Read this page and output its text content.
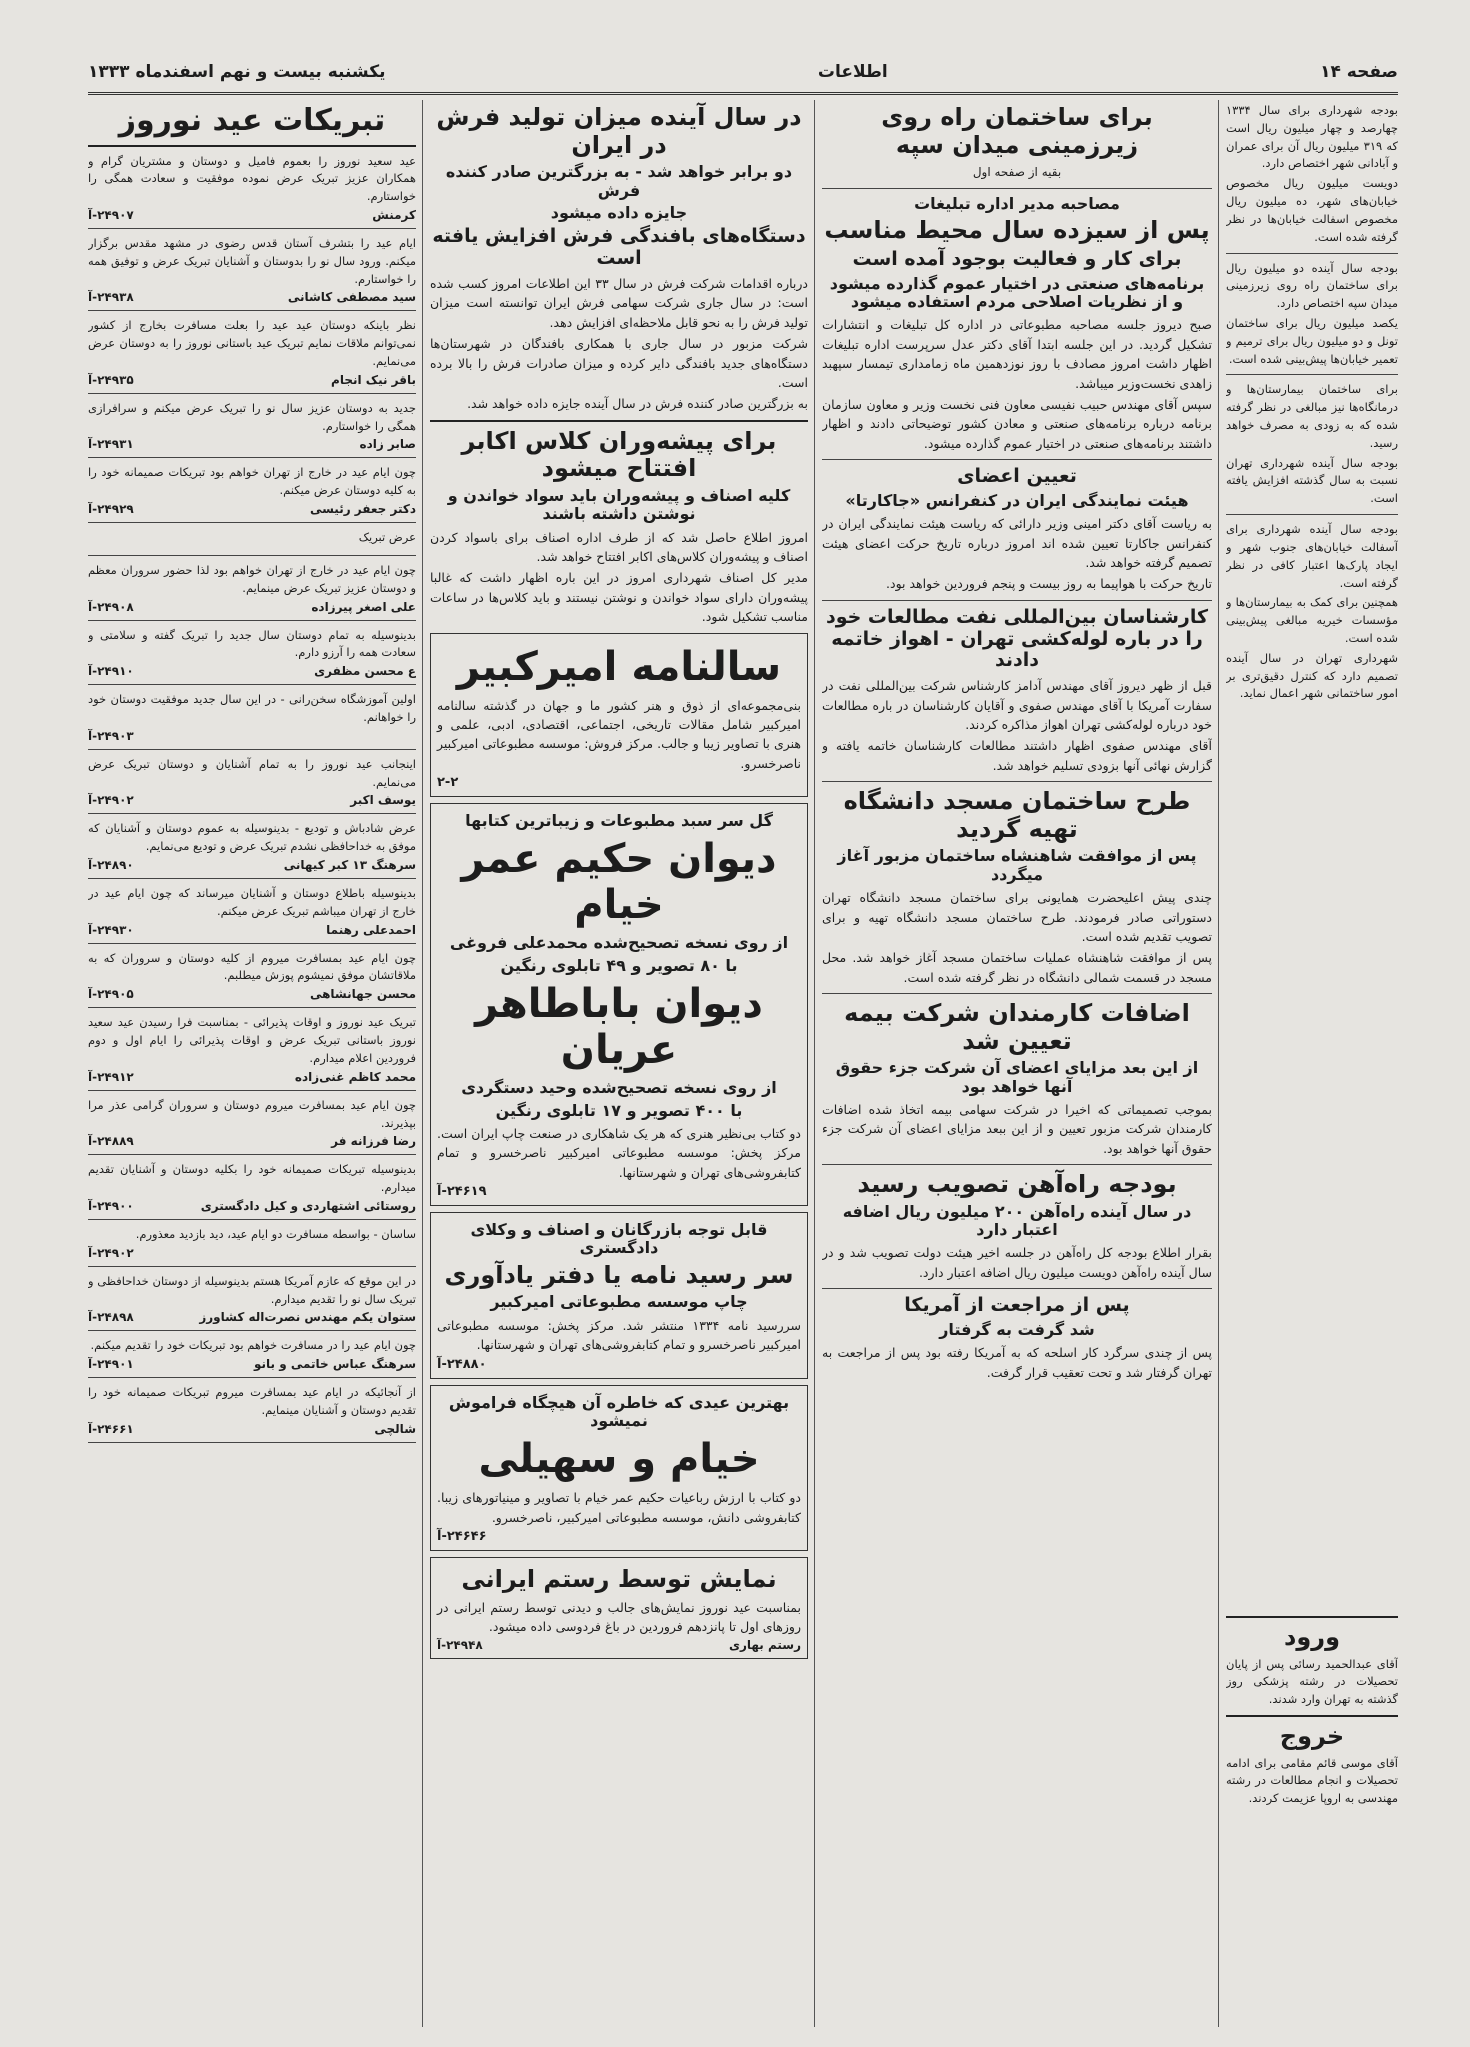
صفحه ۱۴
اطلاعات
یکشنبه بیست و نهم اسفندماه ۱۳۳۳

بودجه شهرداری برای سال ۱۳۳۴ چهارصد و چهار میلیون ریال است که ۳۱۹ میلیون ریال آن برای عمران و آبادانی شهر اختصاص دارد.

دویست میلیون ریال مخصوص خیابان‌های شهر، ده میلیون ریال مخصوص اسفالت خیابان‌ها در نظر گرفته شده است.

بودجه سال آینده دو میلیون ریال برای ساختمان راه روی زیرزمینی میدان سپه اختصاص دارد.

یکصد میلیون ریال برای ساختمان تونل و دو میلیون ریال برای ترمیم و تعمیر خیابان‌ها پیش‌بینی شده است.

برای ساختمان بیمارستان‌ها و درمانگاه‌ها نیز مبالغی در نظر گرفته شده که به زودی به مصرف خواهد رسید.

بودجه سال آینده شهرداری تهران نسبت به سال گذشته افزایش یافته است.

بودجه سال آینده شهرداری برای آسفالت خیابان‌های جنوب شهر و ایجاد پارک‌ها اعتبار کافی در نظر گرفته است.

همچنین برای کمک به بیمارستان‌ها و مؤسسات خیریه مبالغی پیش‌بینی شده است.

شهرداری تهران در سال آینده تصمیم دارد که کنترل دقیق‌تری بر امور ساختمانی شهر اعمال نماید.

برای ساختمان راه روی زیرزمینی میدان سپه

بقیه از صفحه اول

مصاحبه مدیر اداره تبلیغات
پس از سیزده سال محیط مناسب
برای کار و فعالیت بوجود آمده است
برنامه‌های صنعتی در اختیار عموم گذارده میشود و از نظریات اصلاحی مردم استفاده میشود

صبح دیروز جلسه مصاحبه مطبوعاتی در اداره کل تبلیغات و انتشارات تشکیل گردید. در این جلسه ابتدا آقای دکتر عدل سرپرست اداره تبلیغات اظهار داشت امروز مصادف با روز نوزدهمین ماه زمامداری تیمسار سپهبد زاهدی نخست‌وزیر میباشد.

سپس آقای مهندس حبیب نفیسی معاون فنی نخست وزیر و معاون سازمان برنامه درباره برنامه‌های صنعتی و معادن کشور توضیحاتی دادند و اظهار داشتند برنامه‌های صنعتی در اختیار عموم گذارده میشود.

تعیین اعضای
هیئت نمایندگی ایران در کنفرانس «جاکارتا»

به ریاست آقای دکتر امینی وزیر دارائی که ریاست هیئت نمایندگی ایران در کنفرانس جاکارتا تعیین شده اند امروز درباره تاریخ حرکت اعضای هیئت تصمیم گرفته خواهد شد.

تاریخ حرکت با هواپیما به روز بیست و پنجم فروردین خواهد بود.

کارشناسان بین‌المللی نفت مطالعات خود را در باره لوله‌کشی تهران - اهواز خاتمه دادند

قبل از ظهر دیروز آقای مهندس آدامز کارشناس شرکت بین‌المللی نفت در سفارت آمریکا با آقای مهندس صفوی و آقایان کارشناسان در باره مطالعات خود درباره لوله‌کشی تهران اهواز مذاکره کردند.

آقای مهندس صفوی اظهار داشتند مطالعات کارشناسان خاتمه یافته و گزارش نهائی آنها بزودی تسلیم خواهد شد.

طرح ساختمان مسجد دانشگاه تهیه گردید
پس از موافقت شاهنشاه ساختمان مزبور آغاز میگردد

چندی پیش اعلیحضرت همایونی برای ساختمان مسجد دانشگاه تهران دستوراتی صادر فرمودند. طرح ساختمان مسجد دانشگاه تهیه و برای تصویب تقدیم شده است.

پس از موافقت شاهنشاه عملیات ساختمان مسجد آغاز خواهد شد. محل مسجد در قسمت شمالی دانشگاه در نظر گرفته شده است.

اضافات کارمندان شرکت بیمه تعیین شد
از این بعد مزایای اعضای آن شرکت جزء حقوق آنها خواهد بود

بموجب تصمیماتی که اخیرا در شرکت سهامی بیمه اتخاذ شده اضافات کارمندان شرکت مزبور تعیین و از این ببعد مزایای اعضای آن شرکت جزء حقوق آنها خواهد بود.

بودجه راه‌آهن تصویب رسید
در سال آینده راه‌آهن ۲۰۰ میلیون ریال اضافه اعتبار دارد

بقرار اطلاع بودجه کل راه‌آهن در جلسه اخیر هیئت دولت تصویب شد و در سال آینده راه‌آهن دویست میلیون ریال اضافه اعتبار دارد.

پس از مراجعت از آمریکا
شد گرفت به گرفتار

پس از چندی سرگرد کار اسلحه که به آمریکا رفته بود پس از مراجعت به تهران گرفتار شد و تحت تعقیب قرار گرفت.

ورود

آقای عبدالحمید رسائی پس از پایان تحصیلات در رشته پزشکی روز گذشته به تهران وارد شدند.

خروج

آقای موسی قائم مقامی برای ادامه تحصیلات و انجام مطالعات در رشته مهندسی به اروپا عزیمت کردند.

در سال آینده میزان تولید فرش در ایران
دو برابر خواهد شد - به بزرگترین صادر کننده فرش
جایزه داده میشود
دستگاه‌های بافندگی فرش افزایش یافته است

درباره اقدامات شرکت فرش در سال ۳۳ این اطلاعات امروز کسب شده است: در سال جاری شرکت سهامی فرش ایران توانسته است میزان تولید فرش را به نحو قابل ملاحظه‌ای افزایش دهد.

شرکت مزبور در سال جاری با همکاری بافندگان در شهرستان‌ها دستگاه‌های جدید بافندگی دایر کرده و میزان صادرات فرش را بالا برده است.

به بزرگترین صادر کننده فرش در سال آینده جایزه داده خواهد شد.

برای پیشه‌وران کلاس اکابر افتتاح میشود
کلیه اصناف و پیشه‌وران باید سواد خواندن و نوشتن داشته باشند

امروز اطلاع حاصل شد که از طرف اداره اصناف برای باسواد کردن اصناف و پیشه‌وران کلاس‌های اکابر افتتاح خواهد شد.

مدیر کل اصناف شهرداری امروز در این باره اظهار داشت که غالبا پیشه‌وران دارای سواد خواندن و نوشتن نیستند و باید کلاس‌ها در ساعات مناسب تشکیل شود.

سالنامه امیرکبیر

بنی‌مجموعه‌ای از ذوق و هنر کشور ما و جهان در گذشته سالنامه امیرکبیر شامل مقالات تاریخی، اجتماعی، اقتصادی، ادبی، علمی و هنری با تصاویر زیبا و جالب. مرکز فروش: موسسه مطبوعاتی امیرکبیر ناصرخسرو.

۲-۲
گل سر سبد مطبوعات و زیباترین کتابها
دیوان حکیم عمر خیام
از روی نسخه تصحیح‌شده محمدعلی فروغی
با ۸۰ تصویر و ۴۹ تابلوی رنگین
دیوان باباطاهر عریان
از روی نسخه تصحیح‌شده وحید دستگردی
با ۴۰۰ تصویر و ۱۷ تابلوی رنگین

دو کتاب بی‌نظیر هنری که هر یک شاهکاری در صنعت چاپ ایران است. مرکز پخش: موسسه مطبوعاتی امیرکبیر ناصرخسرو و تمام کتابفروشی‌های تهران و شهرستانها.

۲۴۶۱۹-آ
قابل توجه بازرگانان و اصناف و وکلای دادگستری
سر رسید نامه یا دفتر یادآوری
چاپ موسسه مطبوعاتی امیرکبیر

سررسید نامه ۱۳۳۴ منتشر شد. مرکز پخش: موسسه مطبوعاتی امیرکبیر ناصرخسرو و تمام کتابفروشی‌های تهران و شهرستانها.

۲۴۸۸۰-آ
بهترین عیدی که خاطره آن هیچگاه فراموش نمیشود
خیام و سهیلی

دو کتاب با ارزش رباعیات حکیم عمر خیام با تصاویر و مینیاتورهای زیبا. کتابفروشی دانش، موسسه مطبوعاتی امیرکبیر، ناصرخسرو.

۲۴۶۴۶-آ
نمایش توسط رستم ایرانی

بمناسبت عید نوروز نمایش‌های جالب و دیدنی توسط رستم ایرانی در روزهای اول تا پانزدهم فروردین در باغ فردوسی داده میشود.

رستم بهاری
۲۴۹۴۸-آ
تبریکات عید نوروز

عید سعید نوروز را بعموم فامیل و دوستان و مشتریان گرام و همکاران عزیز تبریک عرض نموده موفقیت و سعادت همگی را خواستارم.

کرمنش
۲۴۹۰۷-آ

ایام عید را بتشرف آستان قدس رضوی در مشهد مقدس برگزار میکنم. ورود سال نو را بدوستان و آشنایان تبریک عرض و توفیق همه را خواستارم.

سید مصطفی کاشانی
۲۴۹۳۸-آ

نظر باینکه دوستان عید عید را بعلت مسافرت بخارج از کشور نمی‌توانم ملاقات نمایم تبریک عید باستانی نوروز را به دوستان عرض می‌نمایم.

باقر نیک انجام
۲۴۹۳۵-آ

جدید به دوستان عزیز سال نو را تبریک عرض میکنم و سرافرازی همگی را خواستارم.

صابر زاده
۲۴۹۳۱-آ

چون ایام عید در خارج از تهران خواهم بود تبریکات صمیمانه خود را به کلیه دوستان عرض میکنم.

دکتر جعفر رئیسی
۲۴۹۲۹-آ

عرض تبریک

چون ایام عید در خارج از تهران خواهم بود لذا حضور سروران معظم و دوستان عزیز تبریک عرض مینمایم.

علی اصغر پیرزاده
۲۴۹۰۸-آ

بدینوسیله به تمام دوستان سال جدید را تبریک گفته و سلامتی و سعادت همه را آرزو دارم.

ع محسن مظفری
۲۴۹۱۰-آ

اولین آموزشگاه سخن‌رانی - در این سال جدید موفقیت دوستان خود را خواهانم.

۲۴۹۰۳-آ

اینجانب عید نوروز را به تمام آشنایان و دوستان تبریک عرض می‌نمایم.

یوسف اکبر
۲۴۹۰۲-آ

عرض شادباش و تودیع - بدینوسیله به عموم دوستان و آشنایان که موفق به خداحافظی نشدم تبریک عرض و تودیع می‌نمایم.

سرهنگ ۱۳ کبر کیهانی
۲۴۸۹۰-آ

بدینوسیله باطلاع دوستان و آشنایان میرساند که چون ایام عید در خارج از تهران میباشم تبریک عرض میکنم.

احمدعلی رهنما
۲۴۹۳۰-آ

چون ایام عید بمسافرت میروم از کلیه دوستان و سروران که به ملاقاتشان موفق نمیشوم پوزش میطلبم.

محسن جهانشاهی
۲۴۹۰۵-آ

تبریک عید نوروز و اوقات پذیرائی - بمناسبت فرا رسیدن عید سعید نوروز باستانی تبریک عرض و اوقات پذیرائی را ایام اول و دوم فروردین اعلام میدارم.

محمد کاظم غنی‌زاده
۲۴۹۱۲-آ

چون ایام عید بمسافرت میروم دوستان و سروران گرامی عذر مرا بپذیرند.

رضا فرزانه فر
۲۴۸۸۹-آ

بدینوسیله تبریکات صمیمانه خود را بکلیه دوستان و آشنایان تقدیم میدارم.

روستائی اشتهاردی و کیل دادگستری
۲۴۹۰۰-آ

ساسان - بواسطه مسافرت دو ایام عید، دید بازدید معذورم.

۲۴۹۰۲-آ

در این موقع که عازم آمریکا هستم بدینوسیله از دوستان خداحافظی و تبریک سال نو را تقدیم میدارم.

ستوان یکم مهندس نصرت‌اله کشاورز
۲۴۸۹۸-آ

چون ایام عید را در مسافرت خواهم بود تبریکات خود را تقدیم میکنم.

سرهنگ عباس خاتمی و بانو
۲۴۹۰۱-آ

از آنجائیکه در ایام عید بمسافرت میروم تبریکات صمیمانه خود را تقدیم دوستان و آشنایان مینمایم.

شالچی
۲۴۶۶۱-آ
